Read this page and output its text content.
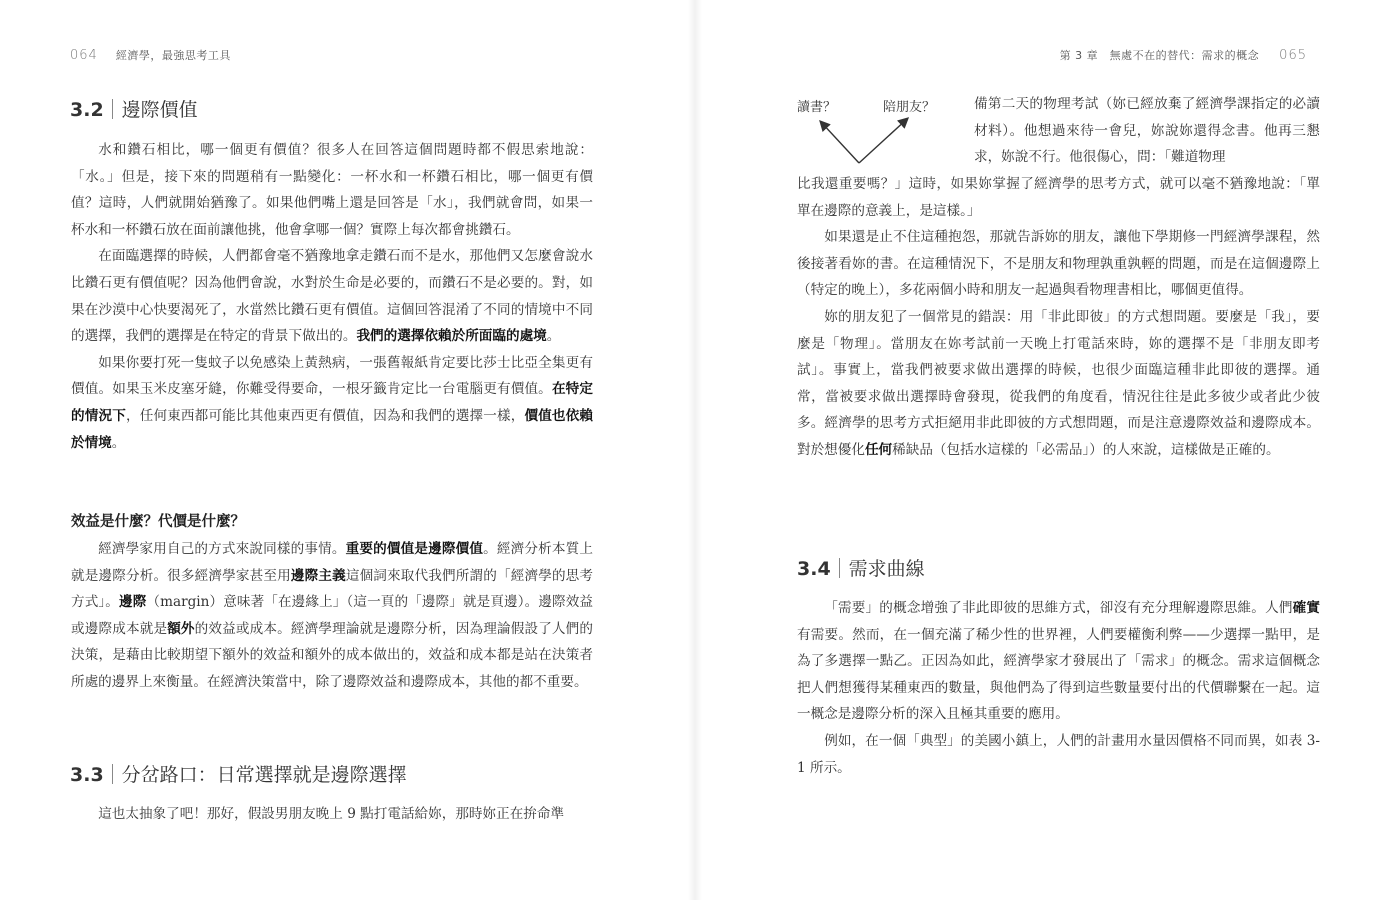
064 經濟學，最強思考工具
3.2 邊際價值

水和鑽石相比，哪一個更有價值？很多人在回答這個問題時都不假思索地說：「水。」但是，接下來的問題稍有一點變化：一杯水和一杯鑽石相比，哪一個更有價值？這時，人們就開始猶豫了。如果他們嘴上還是回答是「水」，我們就會問，如果一杯水和一杯鑽石放在面前讓他挑，他會拿哪一個？實際上每次都會挑鑽石。

在面臨選擇的時候，人們都會毫不猶豫地拿走鑽石而不是水，那他們又怎麼會說水比鑽石更有價值呢？因為他們會說，水對於生命是必要的，而鑽石不是必要的。對，如果在沙漠中心快要渴死了，水當然比鑽石更有價值。這個回答混淆了不同的情境中不同的選擇，我們的選擇是在特定的背景下做出的。我們的選擇依賴於所面臨的處境。

如果你要打死一隻蚊子以免感染上黃熱病，一張舊報紙肯定要比莎士比亞全集更有價值。如果玉米皮塞牙縫，你難受得要命，一根牙籤肯定比一台電腦更有價值。在特定的情況下，任何東西都可能比其他東西更有價值，因為和我們的選擇一樣，價值也依賴於情境。

效益是什麼？代價是什麼？

經濟學家用自己的方式來說同樣的事情。重要的價值是邊際價值。經濟分析本質上就是邊際分析。很多經濟學家甚至用邊際主義這個詞來取代我們所謂的「經濟學的思考方式」。邊際（margin）意味著「在邊緣上」（這一頁的「邊際」就是頁邊）。邊際效益或邊際成本就是額外的效益或成本。經濟學理論就是邊際分析，因為理論假設了人們的決策，是藉由比較期望下額外的效益和額外的成本做出的，效益和成本都是站在決策者所處的邊界上來衡量。在經濟決策當中，除了邊際效益和邊際成本，其他的都不重要。

3.3 分岔路口：日常選擇就是邊際選擇

這也太抽象了吧！那好，假設男朋友晚上 9 點打電話給妳，那時妳正在拚命準

第 3 章　無處不在的替代：需求的概念 065
讀書？	陪朋友？	備第二天的物理考試（妳已經放棄了經濟學課指定的必讀材料）。他想過來待一會兒，妳說妳還得念書。他再三懇求，妳說不行。他很傷心，問：「難道物理

比我還重要嗎？」這時，如果妳掌握了經濟學的思考方式，就可以毫不猶豫地說：「單單在邊際的意義上，是這樣。」

如果還是止不住這種抱怨，那就告訴妳的朋友，讓他下學期修一門經濟學課程，然後接著看妳的書。在這種情況下，不是朋友和物理孰重孰輕的問題，而是在這個邊際上（特定的晚上），多花兩個小時和朋友一起過與看物理書相比，哪個更值得。

妳的朋友犯了一個常見的錯誤：用「非此即彼」的方式想問題。要麼是「我」，要麼是「物理」。當朋友在妳考試前一天晚上打電話來時，妳的選擇不是「非朋友即考試」。事實上，當我們被要求做出選擇的時候，也很少面臨這種非此即彼的選擇。通常，當被要求做出選擇時會發現，從我們的角度看，情況往往是此多彼少或者此少彼多。經濟學的思考方式拒絕用非此即彼的方式想問題，而是注意邊際效益和邊際成本。對於想優化任何稀缺品（包括水這樣的「必需品」）的人來說，這樣做是正確的。

3.4 需求曲線

「需要」的概念增強了非此即彼的思維方式，卻沒有充分理解邊際思維。人們確實有需要。然而，在一個充滿了稀少性的世界裡，人們要權衡利弊——少選擇一點甲，是為了多選擇一點乙。正因為如此，經濟學家才發展出了「需求」的概念。需求這個概念把人們想獲得某種東西的數量，與他們為了得到這些數量要付出的代價聯繫在一起。這一概念是邊際分析的深入且極其重要的應用。

例如，在一個「典型」的美國小鎮上，人們的計畫用水量因價格不同而異，如表 3-1 所示。
